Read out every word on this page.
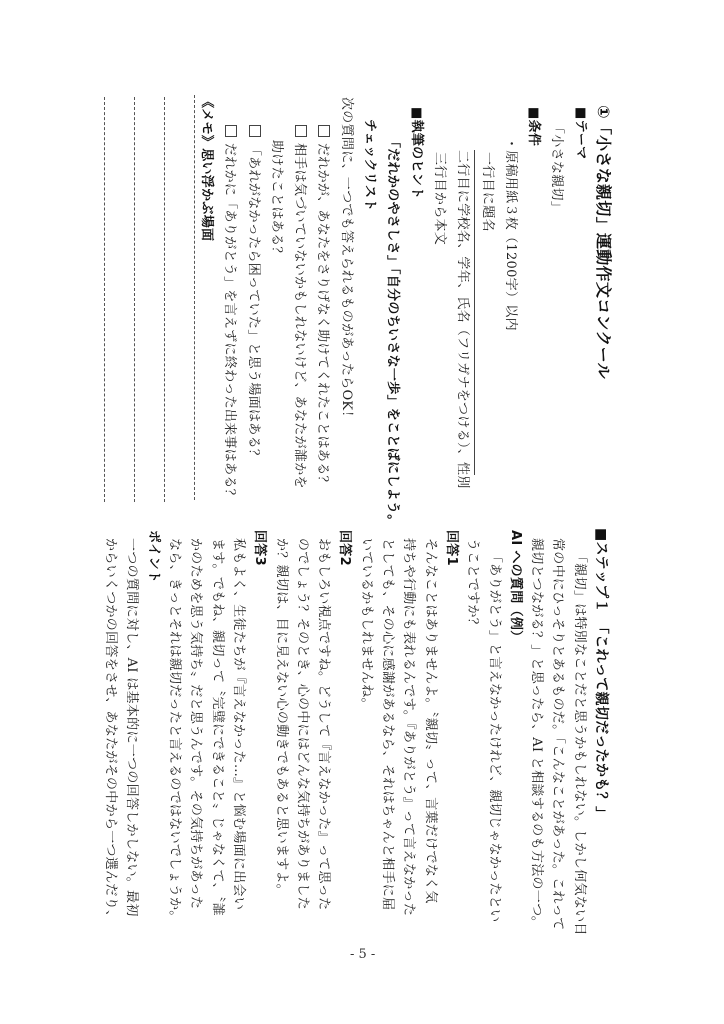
①「小さな親切」運動作文コンクール
■テーマ
「小さな親切」
■条件
・原稿用紙３枚（1200字）以内
一行目に題名
二行目に学校名、学年、氏名（フリガナをつける）、性別
三行目から本文
■執筆のヒント
「だれかのやさしさ」「自分のちいさな一歩」をことばにしよう。
チェックリスト
次の質問に、一つでも答えられるものがあったらOK！
だれかが、あなたをさりげなく助けてくれたことはある？
相手は気づいていないかもしれないけど、あなたが誰かを
助けたことはある？
「あれがなかったら困っていた」と思う場面はある？
だれかに「ありがとう」を言えずに終わった出来事はある？
《メモ》思い浮かぶ場面
■ステップ１　「これって親切だったかも？」
「親切」は特別なことだと思うかもしれない。しかし何気ない日
常の中にひっそりとあるものだ。「こんなことがあった。これって
親切とつながる？」と思ったら、AI と相談するのも方法の一つ。
AI への質問（例）
「ありがとう」と言えなかったけれど、親切じゃなかったとい
うことですか？
回答1
そんなことはありませんよ。〝親切〟って、言葉だけでなく気
持ちや行動にも表れるんです。『ありがとう』って言えなかった
としても、その心に感謝があるなら、それはちゃんと相手に届
いているかもしれませんね。
回答2
おもしろい視点ですね。どうして『言えなかった』って思った
のでしょう？そのとき、心の中にはどんな気持ちがありました
か？親切は、目に見えない心の動きでもあると思いますよ。
回答3
私もよく、生徒たちが『言えなかった…』と悩む場面に出会い
ます。でもね、親切って〝完璧にできること〟じゃなくて、〝誰
かのためを思う気持ち〟だと思うんです。その気持ちがあった
なら、きっとそれは親切だったと言えるのではないでしょうか。
ポイント
一つの質問に対し、AI は基本的に一つの回答しかしない。最初
からいくつかの回答をさせ、あなたがその中から一つ選んだり、
- 5 -
